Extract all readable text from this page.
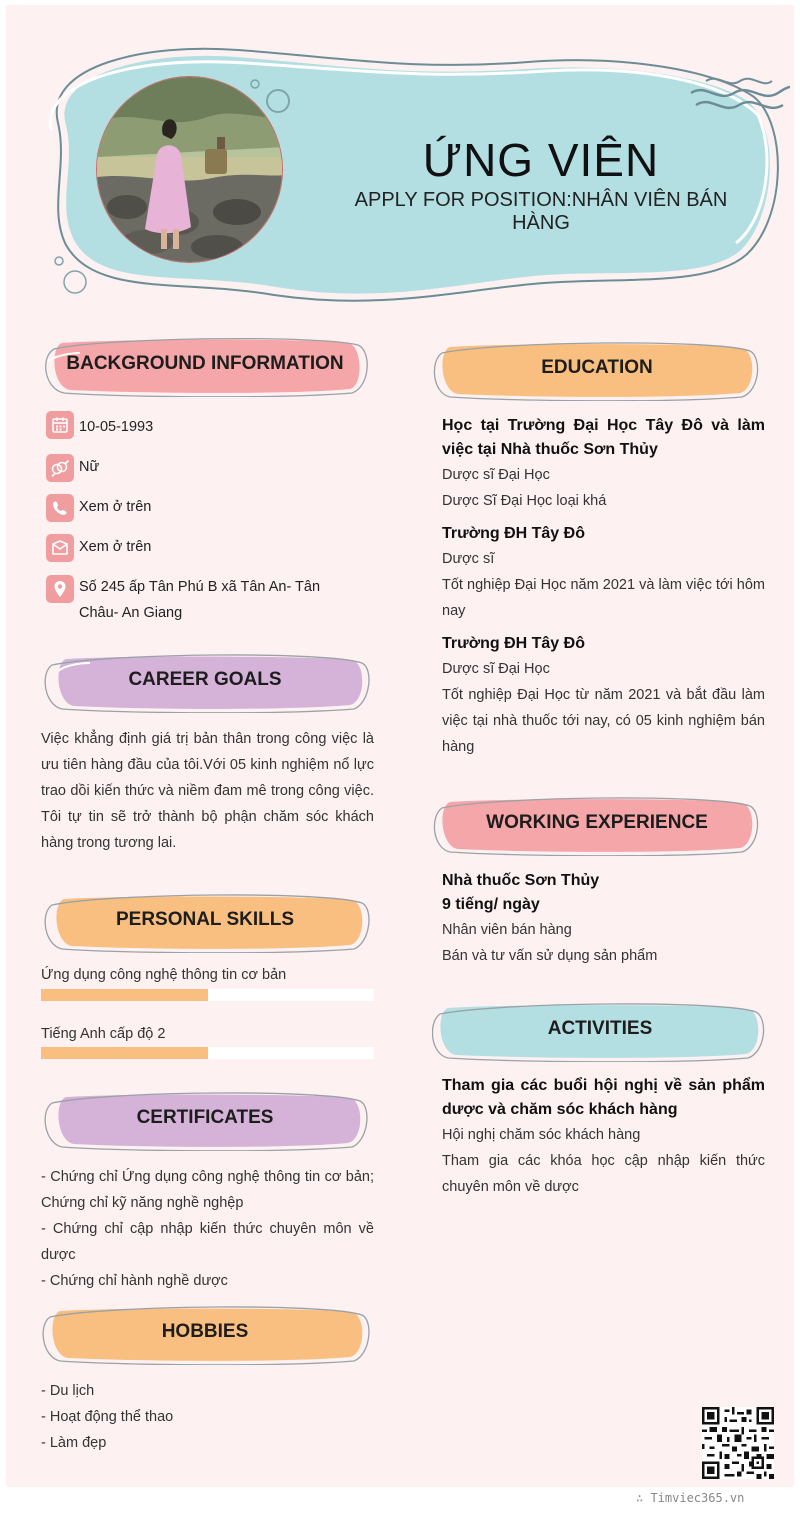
ỨNG VIÊN
APPLY FOR POSITION:NHÂN VIÊN BÁN HÀNG
BACKGROUND INFORMATION
10-05-1993
Nữ
Xem ở trên
Xem ở trên
Số 245 ấp Tân Phú B xã Tân An- Tân Châu- An Giang
CAREER GOALS
Việc khẳng định giá trị bản thân trong công việc là ưu tiên hàng đầu của tôi.Với 05 kinh nghiệm nổ lực trao dồi kiến thức và niềm đam mê trong công việc. Tôi tự tin sẽ trở thành bộ phận chăm sóc khách hàng trong tương lai.
PERSONAL SKILLS
Ứng dụng công nghệ thông tin cơ bản
Tiếng Anh cấp độ 2
CERTIFICATES
- Chứng chỉ Ứng dụng công nghệ thông tin cơ bản; Chứng chỉ kỹ năng nghề nghệp
- Chứng chỉ cập nhập kiến thức chuyên môn về dược
- Chứng chỉ hành nghề dược
HOBBIES
- Du lịch
- Hoạt động thể thao
- Làm đẹp
EDUCATION
Học tại Trường Đại Học Tây Đô và làm việc tại Nhà thuốc Sơn Thủy
Dược sĩ Đại Học
Dược Sĩ Đại Học loại khá
Trường ĐH Tây Đô
Dược sĩ
Tốt nghiệp Đại Học năm 2021 và làm việc tới hôm nay
Trường ĐH Tây Đô
Dược sĩ Đại Học
Tốt nghiệp Đại Học từ năm 2021 và bắt đầu làm việc tại nhà thuốc tới nay, có 05 kinh nghiệm bán hàng
WORKING EXPERIENCE
Nhà thuốc Sơn Thủy
9 tiếng/ ngày
Nhân viên bán hàng
Bán và tư vấn sử dụng sản phẩm
ACTIVITIES
Tham gia các buổi hội nghị về sản phẩm dược và chăm sóc khách hàng
Hội nghị chăm sóc khách hàng
Tham gia các khóa học cập nhập kiến thức chuyên môn về dược
∴ Timviec365.vn
